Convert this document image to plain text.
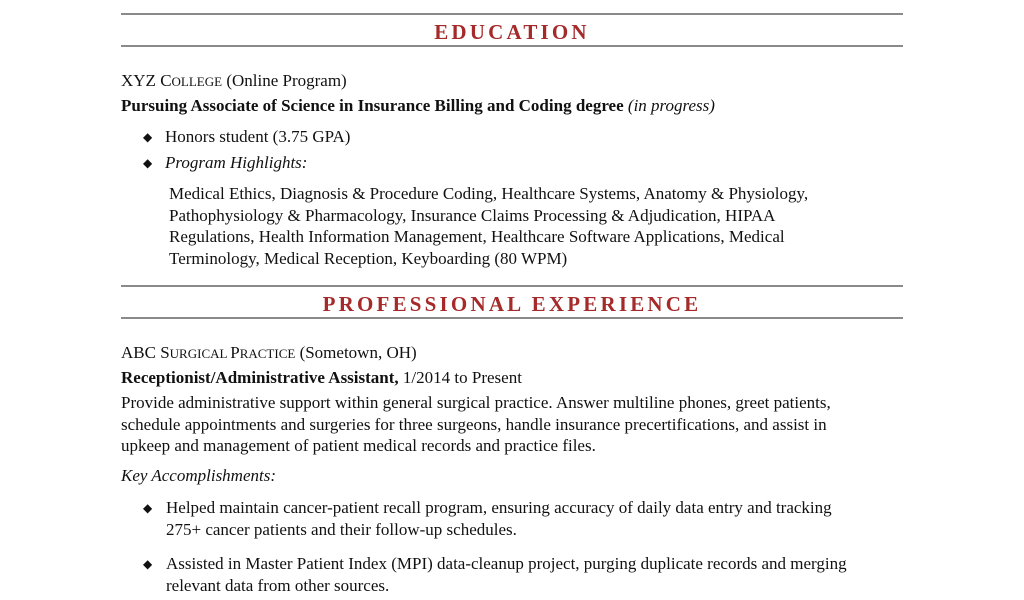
EDUCATION
XYZ COLLEGE (Online Program)
Pursuing Associate of Science in Insurance Billing and Coding degree (in progress)
◆ Honors student (3.75 GPA)
◆ Program Highlights:
Medical Ethics, Diagnosis & Procedure Coding, Healthcare Systems, Anatomy & Physiology,
Pathophysiology & Pharmacology, Insurance Claims Processing & Adjudication, HIPAA
Regulations, Health Information Management, Healthcare Software Applications, Medical
Terminology, Medical Reception, Keyboarding (80 WPM)
PROFESSIONAL EXPERIENCE
ABC SURGICAL PRACTICE (Sometown, OH)
Receptionist/Administrative Assistant, 1/2014 to Present
Provide administrative support within general surgical practice. Answer multiline phones, greet patients,
schedule appointments and surgeries for three surgeons, handle insurance precertifications, and assist in
upkeep and management of patient medical records and practice files.
Key Accomplishments:
◆ Helped maintain cancer-patient recall program, ensuring accuracy of daily data entry and tracking
275+ cancer patients and their follow-up schedules.
◆ Assisted in Master Patient Index (MPI) data-cleanup project, purging duplicate records and merging
relevant data from other sources.
